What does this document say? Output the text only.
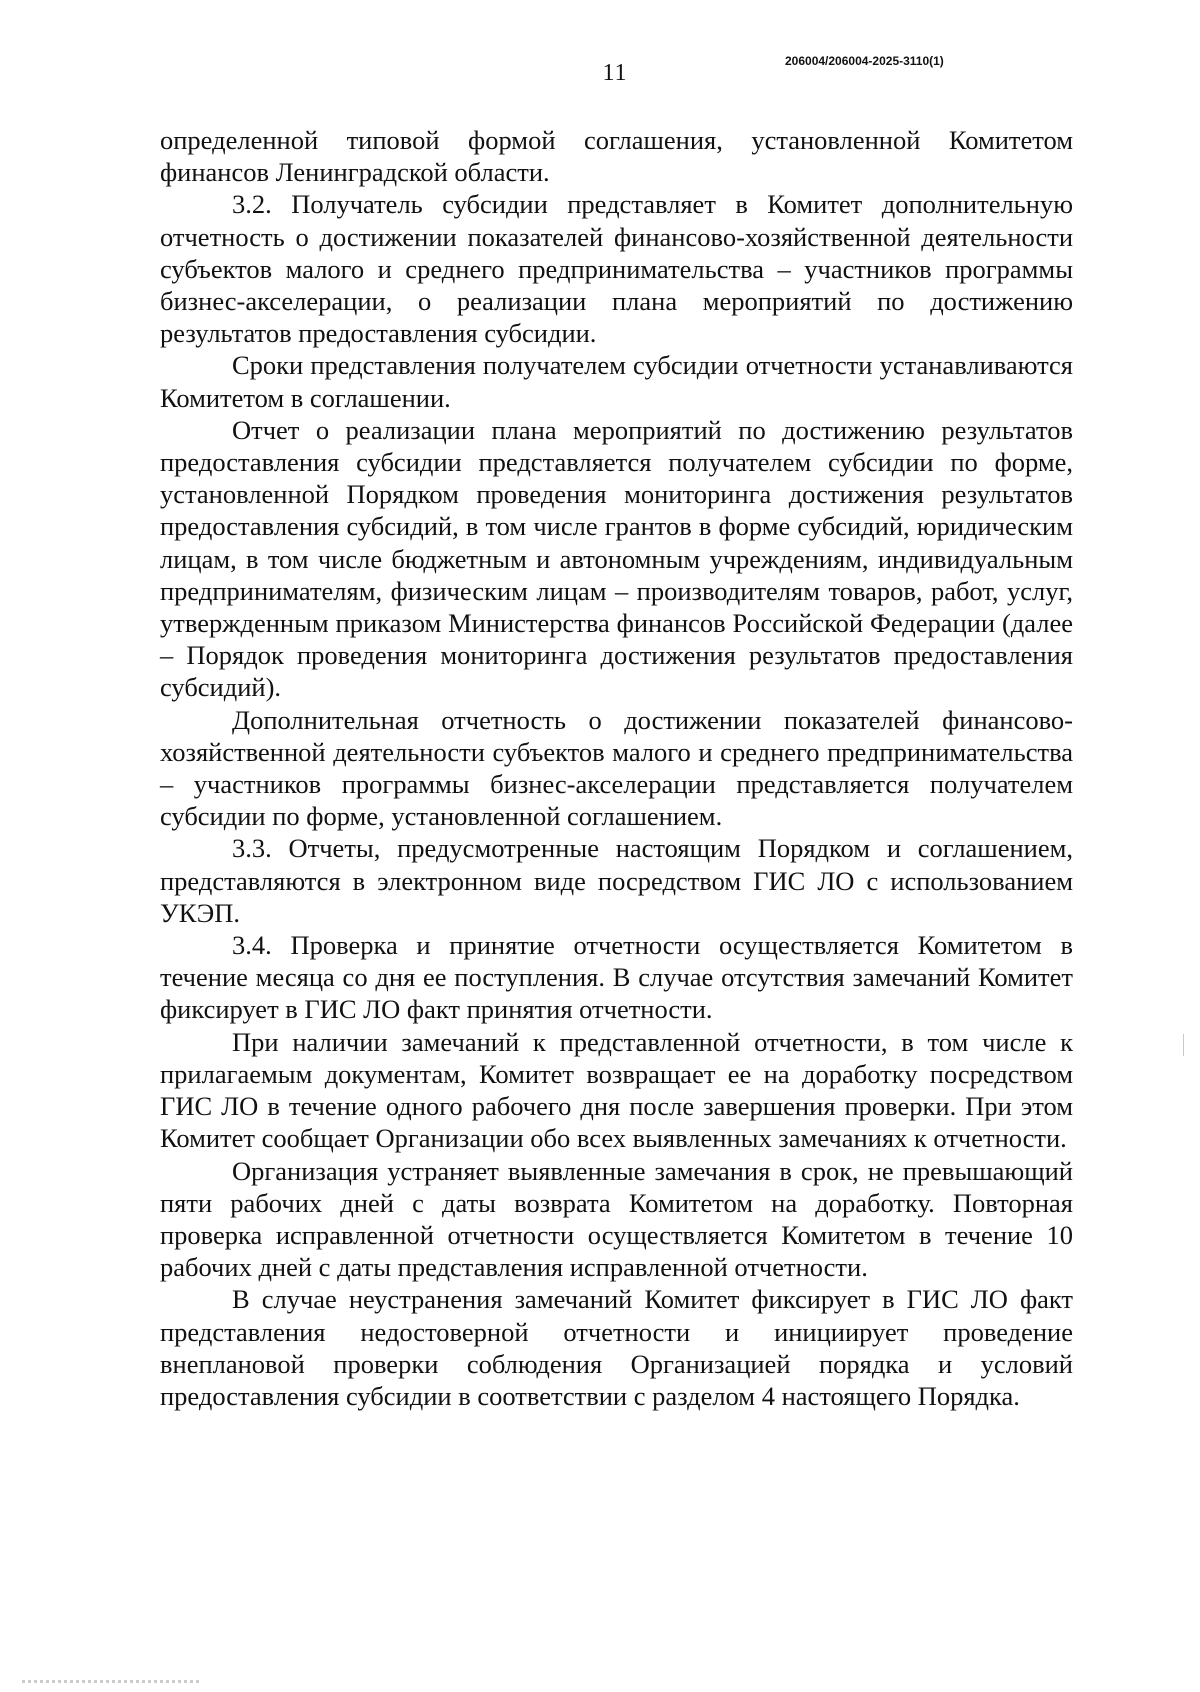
11	206004/206004-2025-3110(1)

определенной типовой формой соглашения, установленной Комитетом финансов Ленинградской области.

3.2. Получатель субсидии представляет в Комитет дополнительную отчетность о достижении показателей финансово-хозяйственной деятельности субъектов малого и среднего предпринимательства – участников программы бизнес-акселерации, о реализации плана мероприятий по достижению результатов предоставления субсидии.

Сроки представления получателем субсидии отчетности устанавливаются Комитетом в соглашении.

Отчет о реализации плана мероприятий по достижению результатов предоставления субсидии представляется получателем субсидии по форме, установленной Порядком проведения мониторинга достижения результатов предоставления субсидий, в том числе грантов в форме субсидий, юридическим лицам, в том числе бюджетным и автономным учреждениям, индивидуальным предпринимателям, физическим лицам – производителям товаров, работ, услуг, утвержденным приказом Министерства финансов Российской Федерации (далее – Порядок проведения мониторинга достижения результатов предоставления субсидий).

Дополнительная отчетность о достижении показателей финансово-хозяйственной деятельности субъектов малого и среднего предпринимательства – участников программы бизнес-акселерации представляется получателем субсидии по форме, установленной соглашением.

3.3. Отчеты, предусмотренные настоящим Порядком и соглашением, представляются в электронном виде посредством ГИС ЛО с использованием УКЭП.

3.4. Проверка и принятие отчетности осуществляется Комитетом в течение месяца со дня ее поступления. В случае отсутствия замечаний Комитет фиксирует в ГИС ЛО факт принятия отчетности.

При наличии замечаний к представленной отчетности, в том числе к прилагаемым документам, Комитет возвращает ее на доработку посредством ГИС ЛО в течение одного рабочего дня после завершения проверки. При этом Комитет сообщает Организации обо всех выявленных замечаниях к отчетности.

Организация устраняет выявленные замечания в срок, не превышающий пяти рабочих дней с даты возврата Комитетом на доработку. Повторная проверка исправленной отчетности осуществляется Комитетом в течение 10 рабочих дней с даты представления исправленной отчетности.

В случае неустранения замечаний Комитет фиксирует в ГИС ЛО факт представления недостоверной отчетности и инициирует проведение внеплановой проверки соблюдения Организацией порядка и условий предоставления субсидии в соответствии с разделом 4 настоящего Порядка.
